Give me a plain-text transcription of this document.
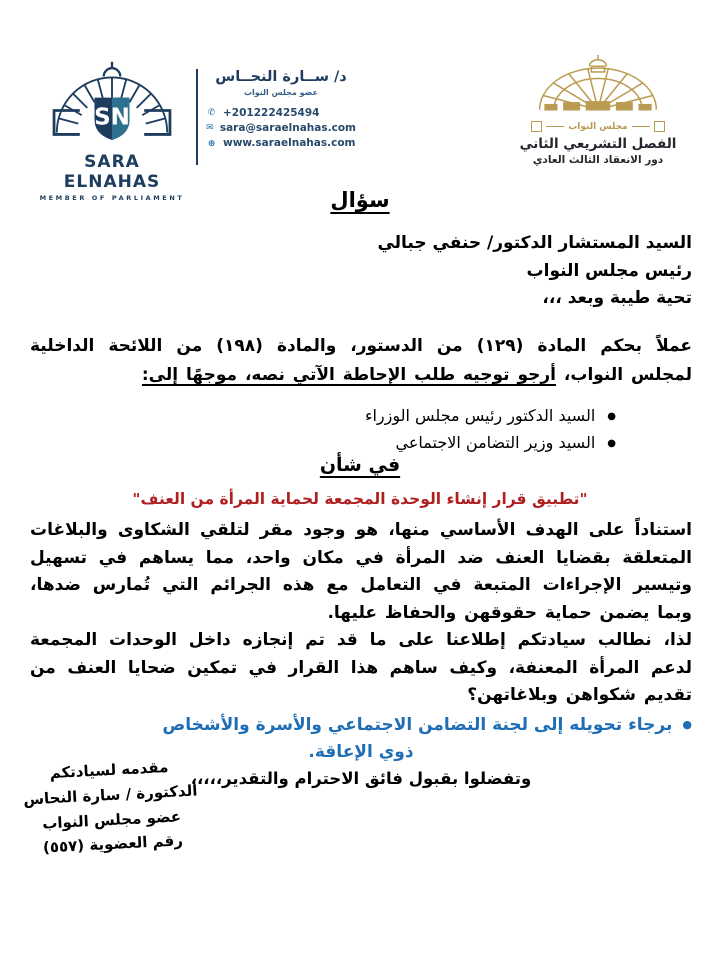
SN
SARA ELNAHAS
MEMBER OF PARLIAMENT
د/ ســارة النحــاس
عضو مجلس النواب
✆ +201222425494
✉ sara@saraelnahas.com
⊕ www.saraelnahas.com
مجلس النواب
الفصل التشريعي الثاني
دور الانعقاد الثالث العادي
سؤال
السيد المستشار الدكتور/ حنفي جبالي
رئيس مجلس النواب
تحية طيبة وبعد ،،،
عملاً بحكم المادة (١٢٩) من الدستور، والمادة (١٩٨) من اللائحة الداخلية لمجلس النواب، أرجو توجيه طلب الإحاطة الآتي نصه، موجهًا إلى:
● السيد الدكتور رئيس مجلس الوزراء
● السيد وزير التضامن الاجتماعي
في شأن
"تطبيق قرار إنشاء الوحدة المجمعة لحماية المرأة من العنف"

استناداً على الهدف الأساسي منها، هو وجود مقر لتلقي الشكاوى والبلاغات المتعلقة بقضايا العنف ضد المرأة في مكان واحد، مما يساهم في تسهيل وتيسير الإجراءات المتبعة في التعامل مع هذه الجرائم التي تُمارس ضدها، وبما يضمن حماية حقوقهن والحفاظ عليها.

لذا، نطالب سيادتكم إطلاعنا على ما قد تم إنجازه داخل الوحدات المجمعة لدعم المرأة المعنفة، وكيف ساهم هذا القرار في تمكين ضحايا العنف من تقديم شكواهن وبلاغاتهن؟

●برجاء تحويله إلى لجنة التضامن الاجتماعي والأسرة والأشخاص
ذوي الإعاقة.
وتفضلوا بقبول فائق الاحترام والتقدير،،،،،
مقدمه لسيادتكم
الدكتورة / سارة النحاس
عضو مجلس النواب
رقم العضوية (٥٥٧)
